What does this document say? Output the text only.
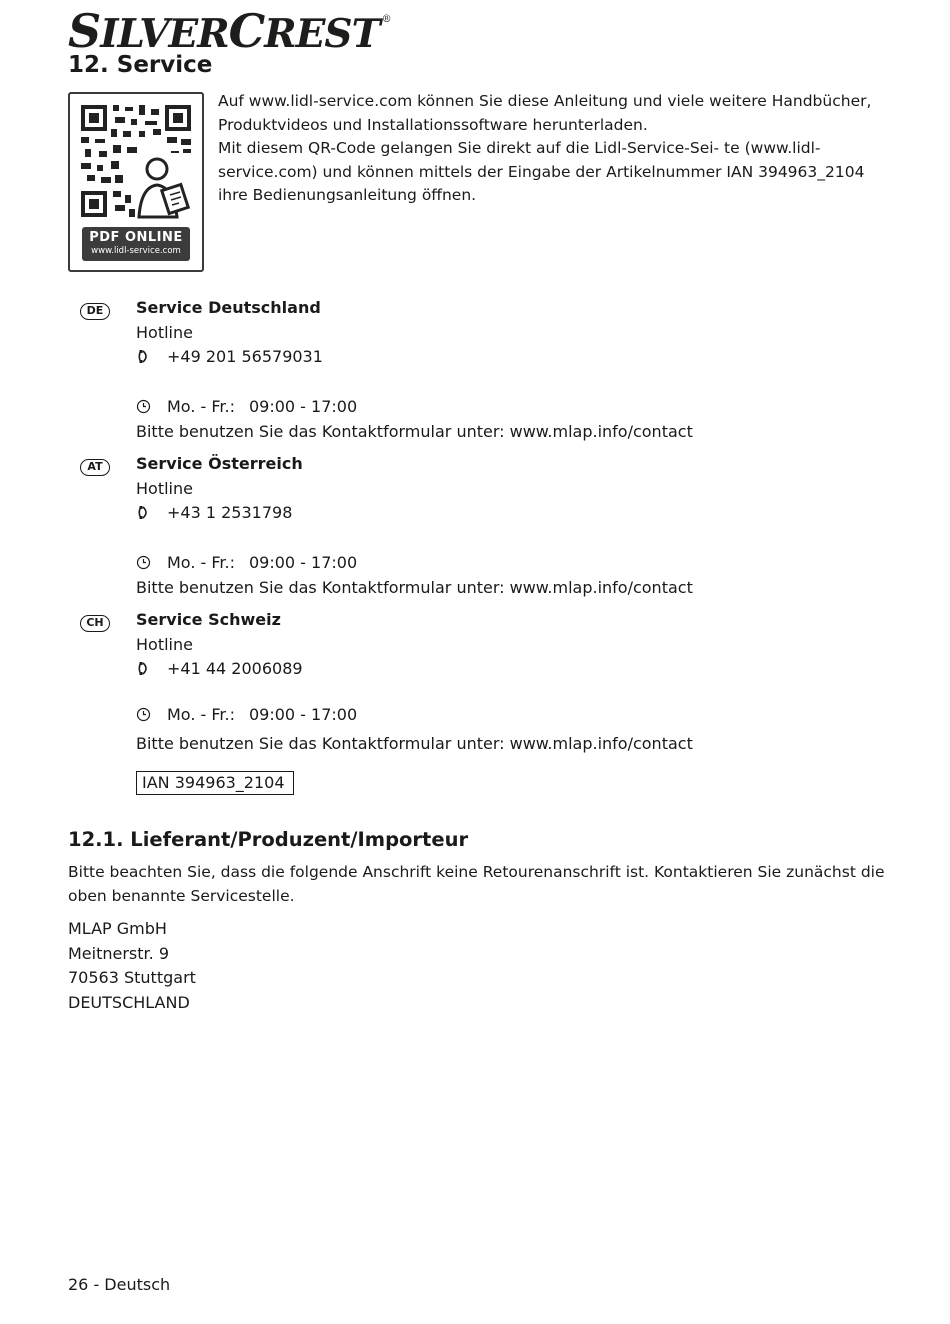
SILVERCREST ®
12. Service
PDF ONLINE
www.lidl-service.com

Auf www.lidl-service.com können Sie diese Anleitung und viele weitere Handbücher, Produktvideos und Installationssoftware herunterladen.

Mit diesem QR-Code gelangen Sie direkt auf die Lidl-Service-Sei- te (www.lidl-service.com) und können mittels der Eingabe der Artikelnummer IAN 394963_2104 ihre Bedienungsanleitung öffnen.

DE	Service Deutschland
Hotline
+49 201 56579031
Mo. - Fr.: 09:00 - 17:00
Bitte benutzen Sie das Kontaktformular unter: www.mlap.info/contact
AT	Service Österreich
Hotline
+43 1 2531798
Mo. - Fr.: 09:00 - 17:00
Bitte benutzen Sie das Kontaktformular unter: www.mlap.info/contact
CH	Service Schweiz
Hotline
+41 44 2006089
Mo. - Fr.: 09:00 - 17:00
Bitte benutzen Sie das Kontaktformular unter: www.mlap.info/contact
IAN 394963_2104
12.1. Lieferant/Produzent/Importeur

Bitte beachten Sie, dass die folgende Anschrift keine Retourenanschrift ist. Kontaktieren Sie zunächst die oben benannte Servicestelle.

MLAP GmbH
Meitnerstr. 9
70563 Stuttgart
DEUTSCHLAND
26 - Deutsch
